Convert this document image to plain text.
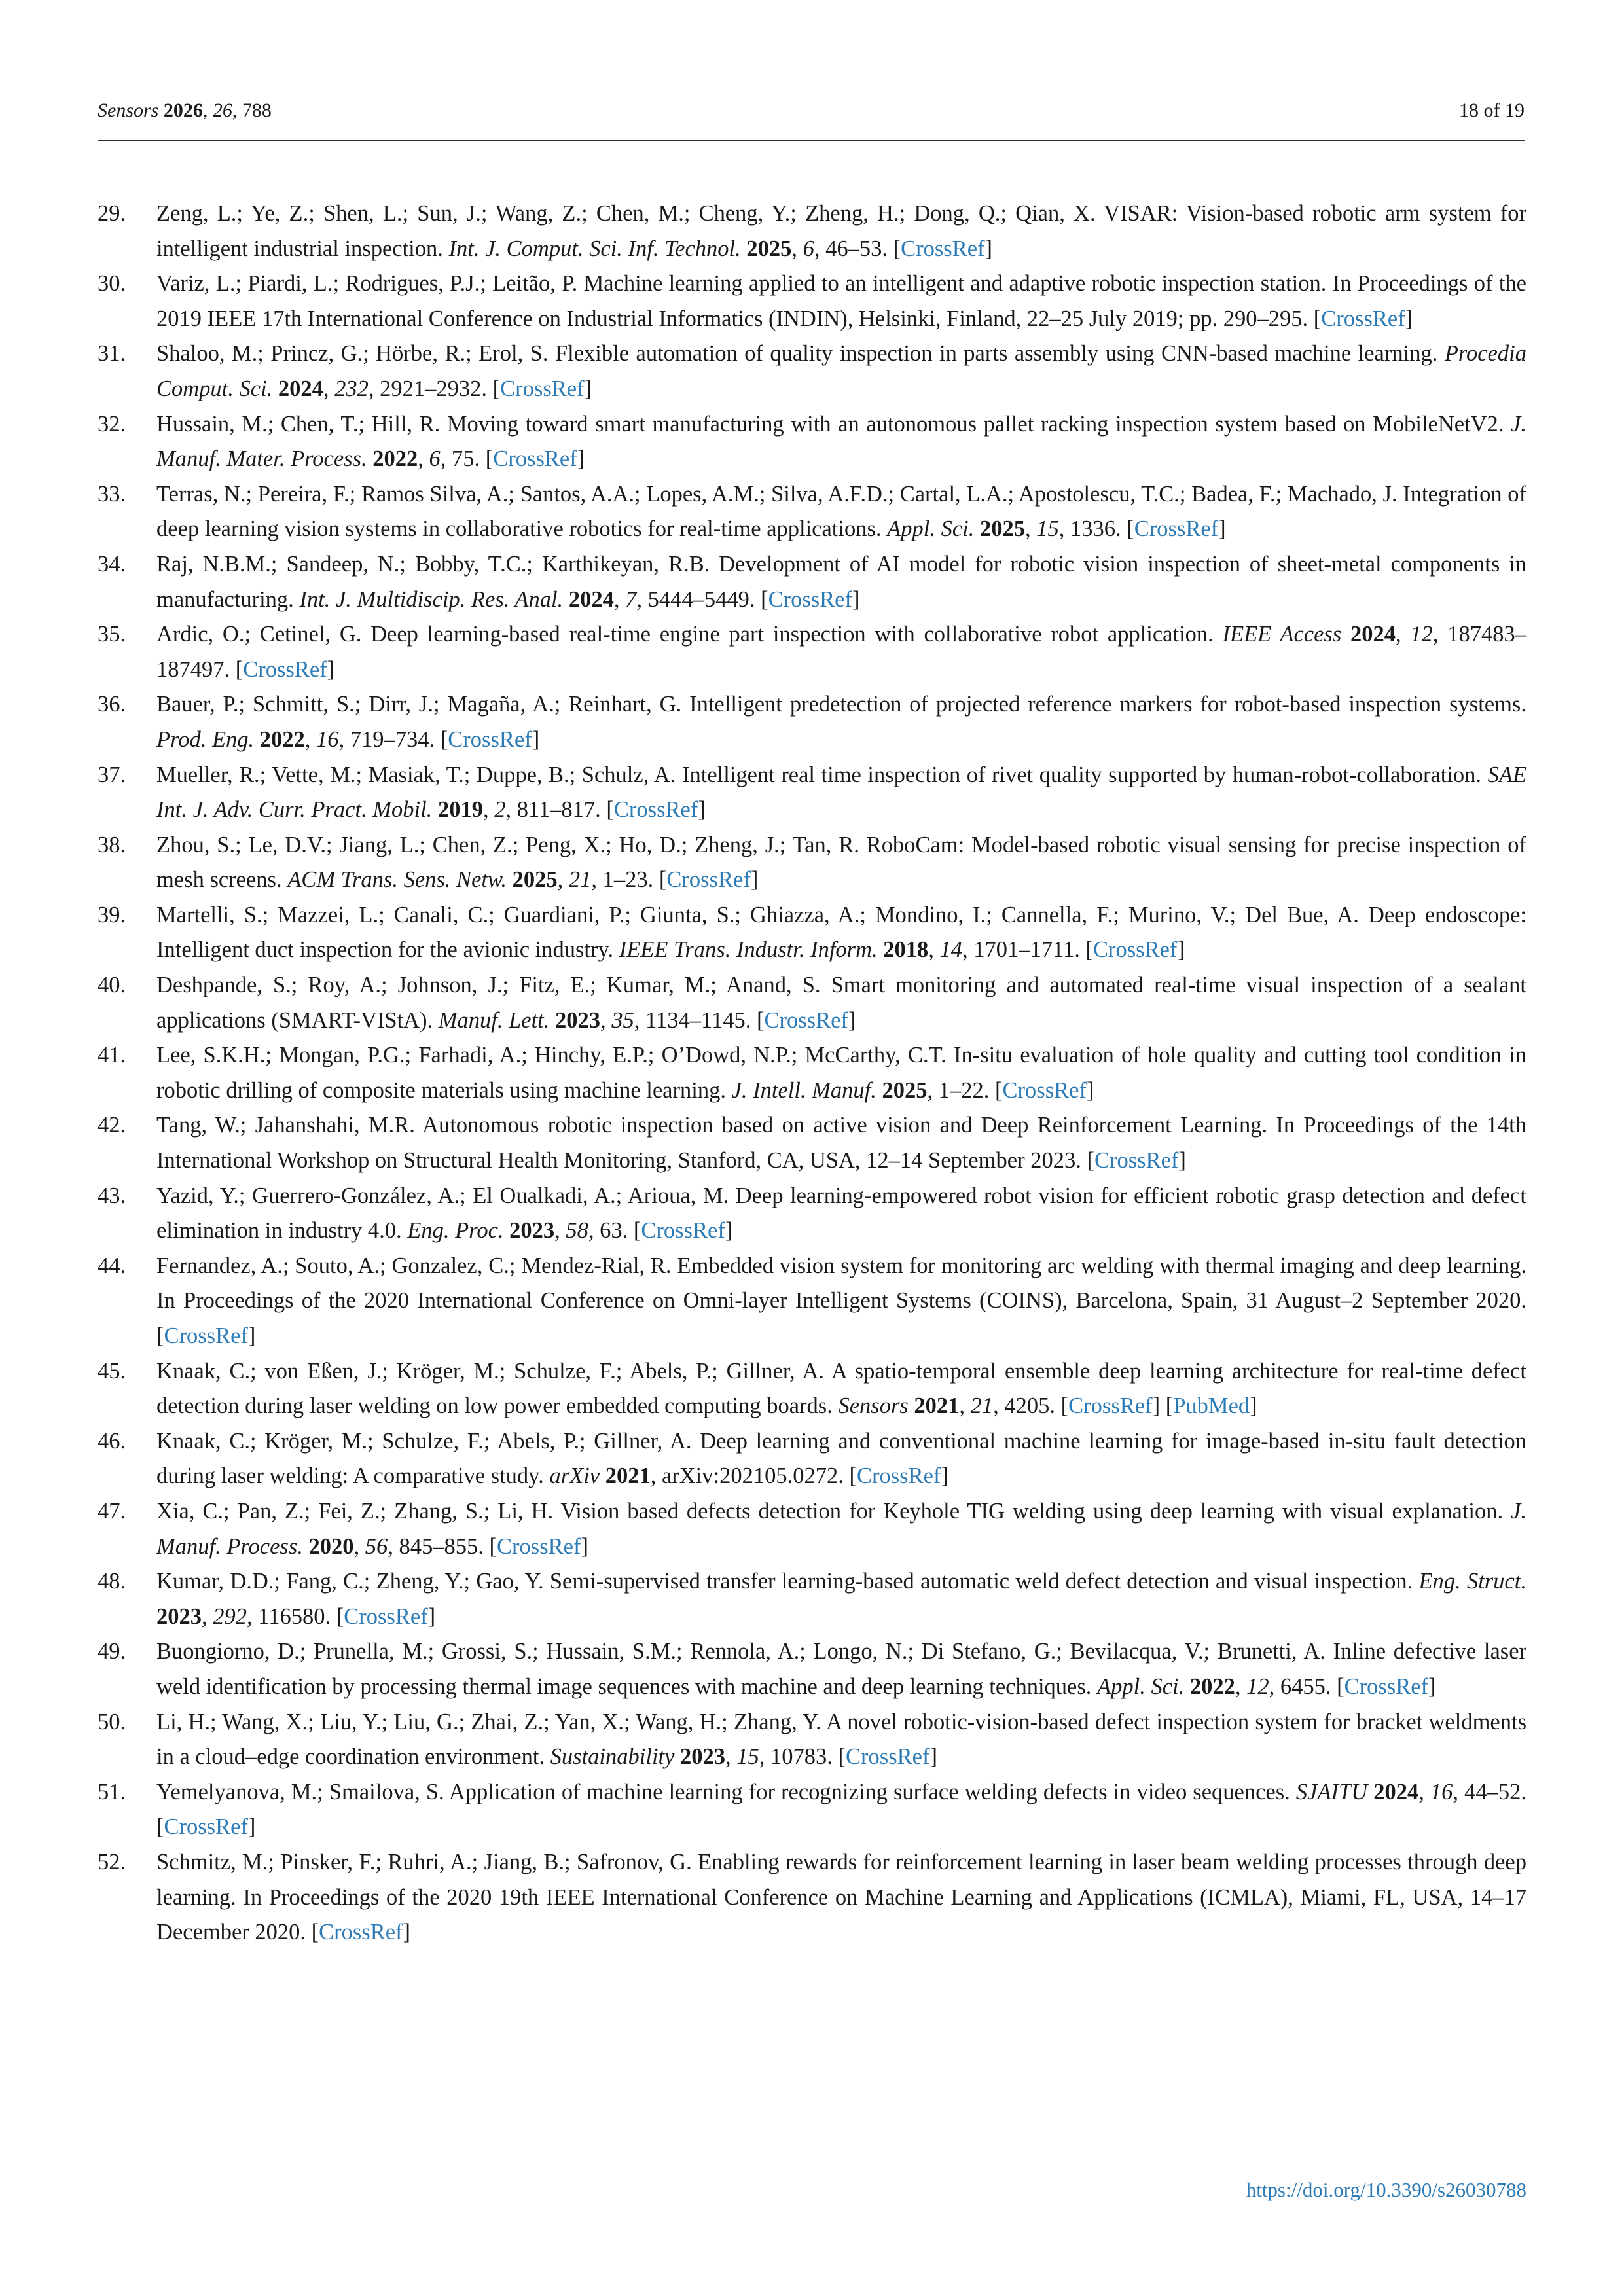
Sensors 2026, 26, 788	18 of 19
29. Zeng, L.; Ye, Z.; Shen, L.; Sun, J.; Wang, Z.; Chen, M.; Cheng, Y.; Zheng, H.; Dong, Q.; Qian, X. VISAR: Vision-based robotic arm system for intelligent industrial inspection. Int. J. Comput. Sci. Inf. Technol. 2025, 6, 46–53. [CrossRef]
30. Variz, L.; Piardi, L.; Rodrigues, P.J.; Leitão, P. Machine learning applied to an intelligent and adaptive robotic inspection station. In Proceedings of the 2019 IEEE 17th International Conference on Industrial Informatics (INDIN), Helsinki, Finland, 22–25 July 2019; pp. 290–295. [CrossRef]
31. Shaloo, M.; Princz, G.; Hörbe, R.; Erol, S. Flexible automation of quality inspection in parts assembly using CNN-based machine learning. Procedia Comput. Sci. 2024, 232, 2921–2932. [CrossRef]
32. Hussain, M.; Chen, T.; Hill, R. Moving toward smart manufacturing with an autonomous pallet racking inspection system based on MobileNetV2. J. Manuf. Mater. Process. 2022, 6, 75. [CrossRef]
33. Terras, N.; Pereira, F.; Ramos Silva, A.; Santos, A.A.; Lopes, A.M.; Silva, A.F.D.; Cartal, L.A.; Apostolescu, T.C.; Badea, F.; Machado, J. Integration of deep learning vision systems in collaborative robotics for real-time applications. Appl. Sci. 2025, 15, 1336. [CrossRef]
34. Raj, N.B.M.; Sandeep, N.; Bobby, T.C.; Karthikeyan, R.B. Development of AI model for robotic vision inspection of sheet-metal components in manufacturing. Int. J. Multidiscip. Res. Anal. 2024, 7, 5444–5449. [CrossRef]
35. Ardic, O.; Cetinel, G. Deep learning-based real-time engine part inspection with collaborative robot application. IEEE Access 2024, 12, 187483–187497. [CrossRef]
36. Bauer, P.; Schmitt, S.; Dirr, J.; Magaña, A.; Reinhart, G. Intelligent predetection of projected reference markers for robot-based inspection systems. Prod. Eng. 2022, 16, 719–734. [CrossRef]
37. Mueller, R.; Vette, M.; Masiak, T.; Duppe, B.; Schulz, A. Intelligent real time inspection of rivet quality supported by human-robot-collaboration. SAE Int. J. Adv. Curr. Pract. Mobil. 2019, 2, 811–817. [CrossRef]
38. Zhou, S.; Le, D.V.; Jiang, L.; Chen, Z.; Peng, X.; Ho, D.; Zheng, J.; Tan, R. RoboCam: Model-based robotic visual sensing for precise inspection of mesh screens. ACM Trans. Sens. Netw. 2025, 21, 1–23. [CrossRef]
39. Martelli, S.; Mazzei, L.; Canali, C.; Guardiani, P.; Giunta, S.; Ghiazza, A.; Mondino, I.; Cannella, F.; Murino, V.; Del Bue, A. Deep endoscope: Intelligent duct inspection for the avionic industry. IEEE Trans. Industr. Inform. 2018, 14, 1701–1711. [CrossRef]
40. Deshpande, S.; Roy, A.; Johnson, J.; Fitz, E.; Kumar, M.; Anand, S. Smart monitoring and automated real-time visual inspection of a sealant applications (SMART-VIStA). Manuf. Lett. 2023, 35, 1134–1145. [CrossRef]
41. Lee, S.K.H.; Mongan, P.G.; Farhadi, A.; Hinchy, E.P.; O’Dowd, N.P.; McCarthy, C.T. In-situ evaluation of hole quality and cutting tool condition in robotic drilling of composite materials using machine learning. J. Intell. Manuf. 2025, 1–22. [CrossRef]
42. Tang, W.; Jahanshahi, M.R. Autonomous robotic inspection based on active vision and Deep Reinforcement Learning. In Proceedings of the 14th International Workshop on Structural Health Monitoring, Stanford, CA, USA, 12–14 September 2023. [CrossRef]
43. Yazid, Y.; Guerrero-González, A.; El Oualkadi, A.; Arioua, M. Deep learning-empowered robot vision for efficient robotic grasp detection and defect elimination in industry 4.0. Eng. Proc. 2023, 58, 63. [CrossRef]
44. Fernandez, A.; Souto, A.; Gonzalez, C.; Mendez-Rial, R. Embedded vision system for monitoring arc welding with thermal imaging and deep learning. In Proceedings of the 2020 International Conference on Omni-layer Intelligent Systems (COINS), Barcelona, Spain, 31 August–2 September 2020. [CrossRef]
45. Knaak, C.; von Eßen, J.; Kröger, M.; Schulze, F.; Abels, P.; Gillner, A. A spatio-temporal ensemble deep learning architecture for real-time defect detection during laser welding on low power embedded computing boards. Sensors 2021, 21, 4205. [CrossRef] [PubMed]
46. Knaak, C.; Kröger, M.; Schulze, F.; Abels, P.; Gillner, A. Deep learning and conventional machine learning for image-based in-situ fault detection during laser welding: A comparative study. arXiv 2021, arXiv:202105.0272. [CrossRef]
47. Xia, C.; Pan, Z.; Fei, Z.; Zhang, S.; Li, H. Vision based defects detection for Keyhole TIG welding using deep learning with visual explanation. J. Manuf. Process. 2020, 56, 845–855. [CrossRef]
48. Kumar, D.D.; Fang, C.; Zheng, Y.; Gao, Y. Semi-supervised transfer learning-based automatic weld defect detection and visual inspection. Eng. Struct. 2023, 292, 116580. [CrossRef]
49. Buongiorno, D.; Prunella, M.; Grossi, S.; Hussain, S.M.; Rennola, A.; Longo, N.; Di Stefano, G.; Bevilacqua, V.; Brunetti, A. Inline defective laser weld identification by processing thermal image sequences with machine and deep learning techniques. Appl. Sci. 2022, 12, 6455. [CrossRef]
50. Li, H.; Wang, X.; Liu, Y.; Liu, G.; Zhai, Z.; Yan, X.; Wang, H.; Zhang, Y. A novel robotic-vision-based defect inspection system for bracket weldments in a cloud–edge coordination environment. Sustainability 2023, 15, 10783. [CrossRef]
51. Yemelyanova, M.; Smailova, S. Application of machine learning for recognizing surface welding defects in video sequences. SJAITU 2024, 16, 44–52. [CrossRef]
52. Schmitz, M.; Pinsker, F.; Ruhri, A.; Jiang, B.; Safronov, G. Enabling rewards for reinforcement learning in laser beam welding processes through deep learning. In Proceedings of the 2020 19th IEEE International Conference on Machine Learning and Applications (ICMLA), Miami, FL, USA, 14–17 December 2020. [CrossRef]
https://doi.org/10.3390/s26030788
